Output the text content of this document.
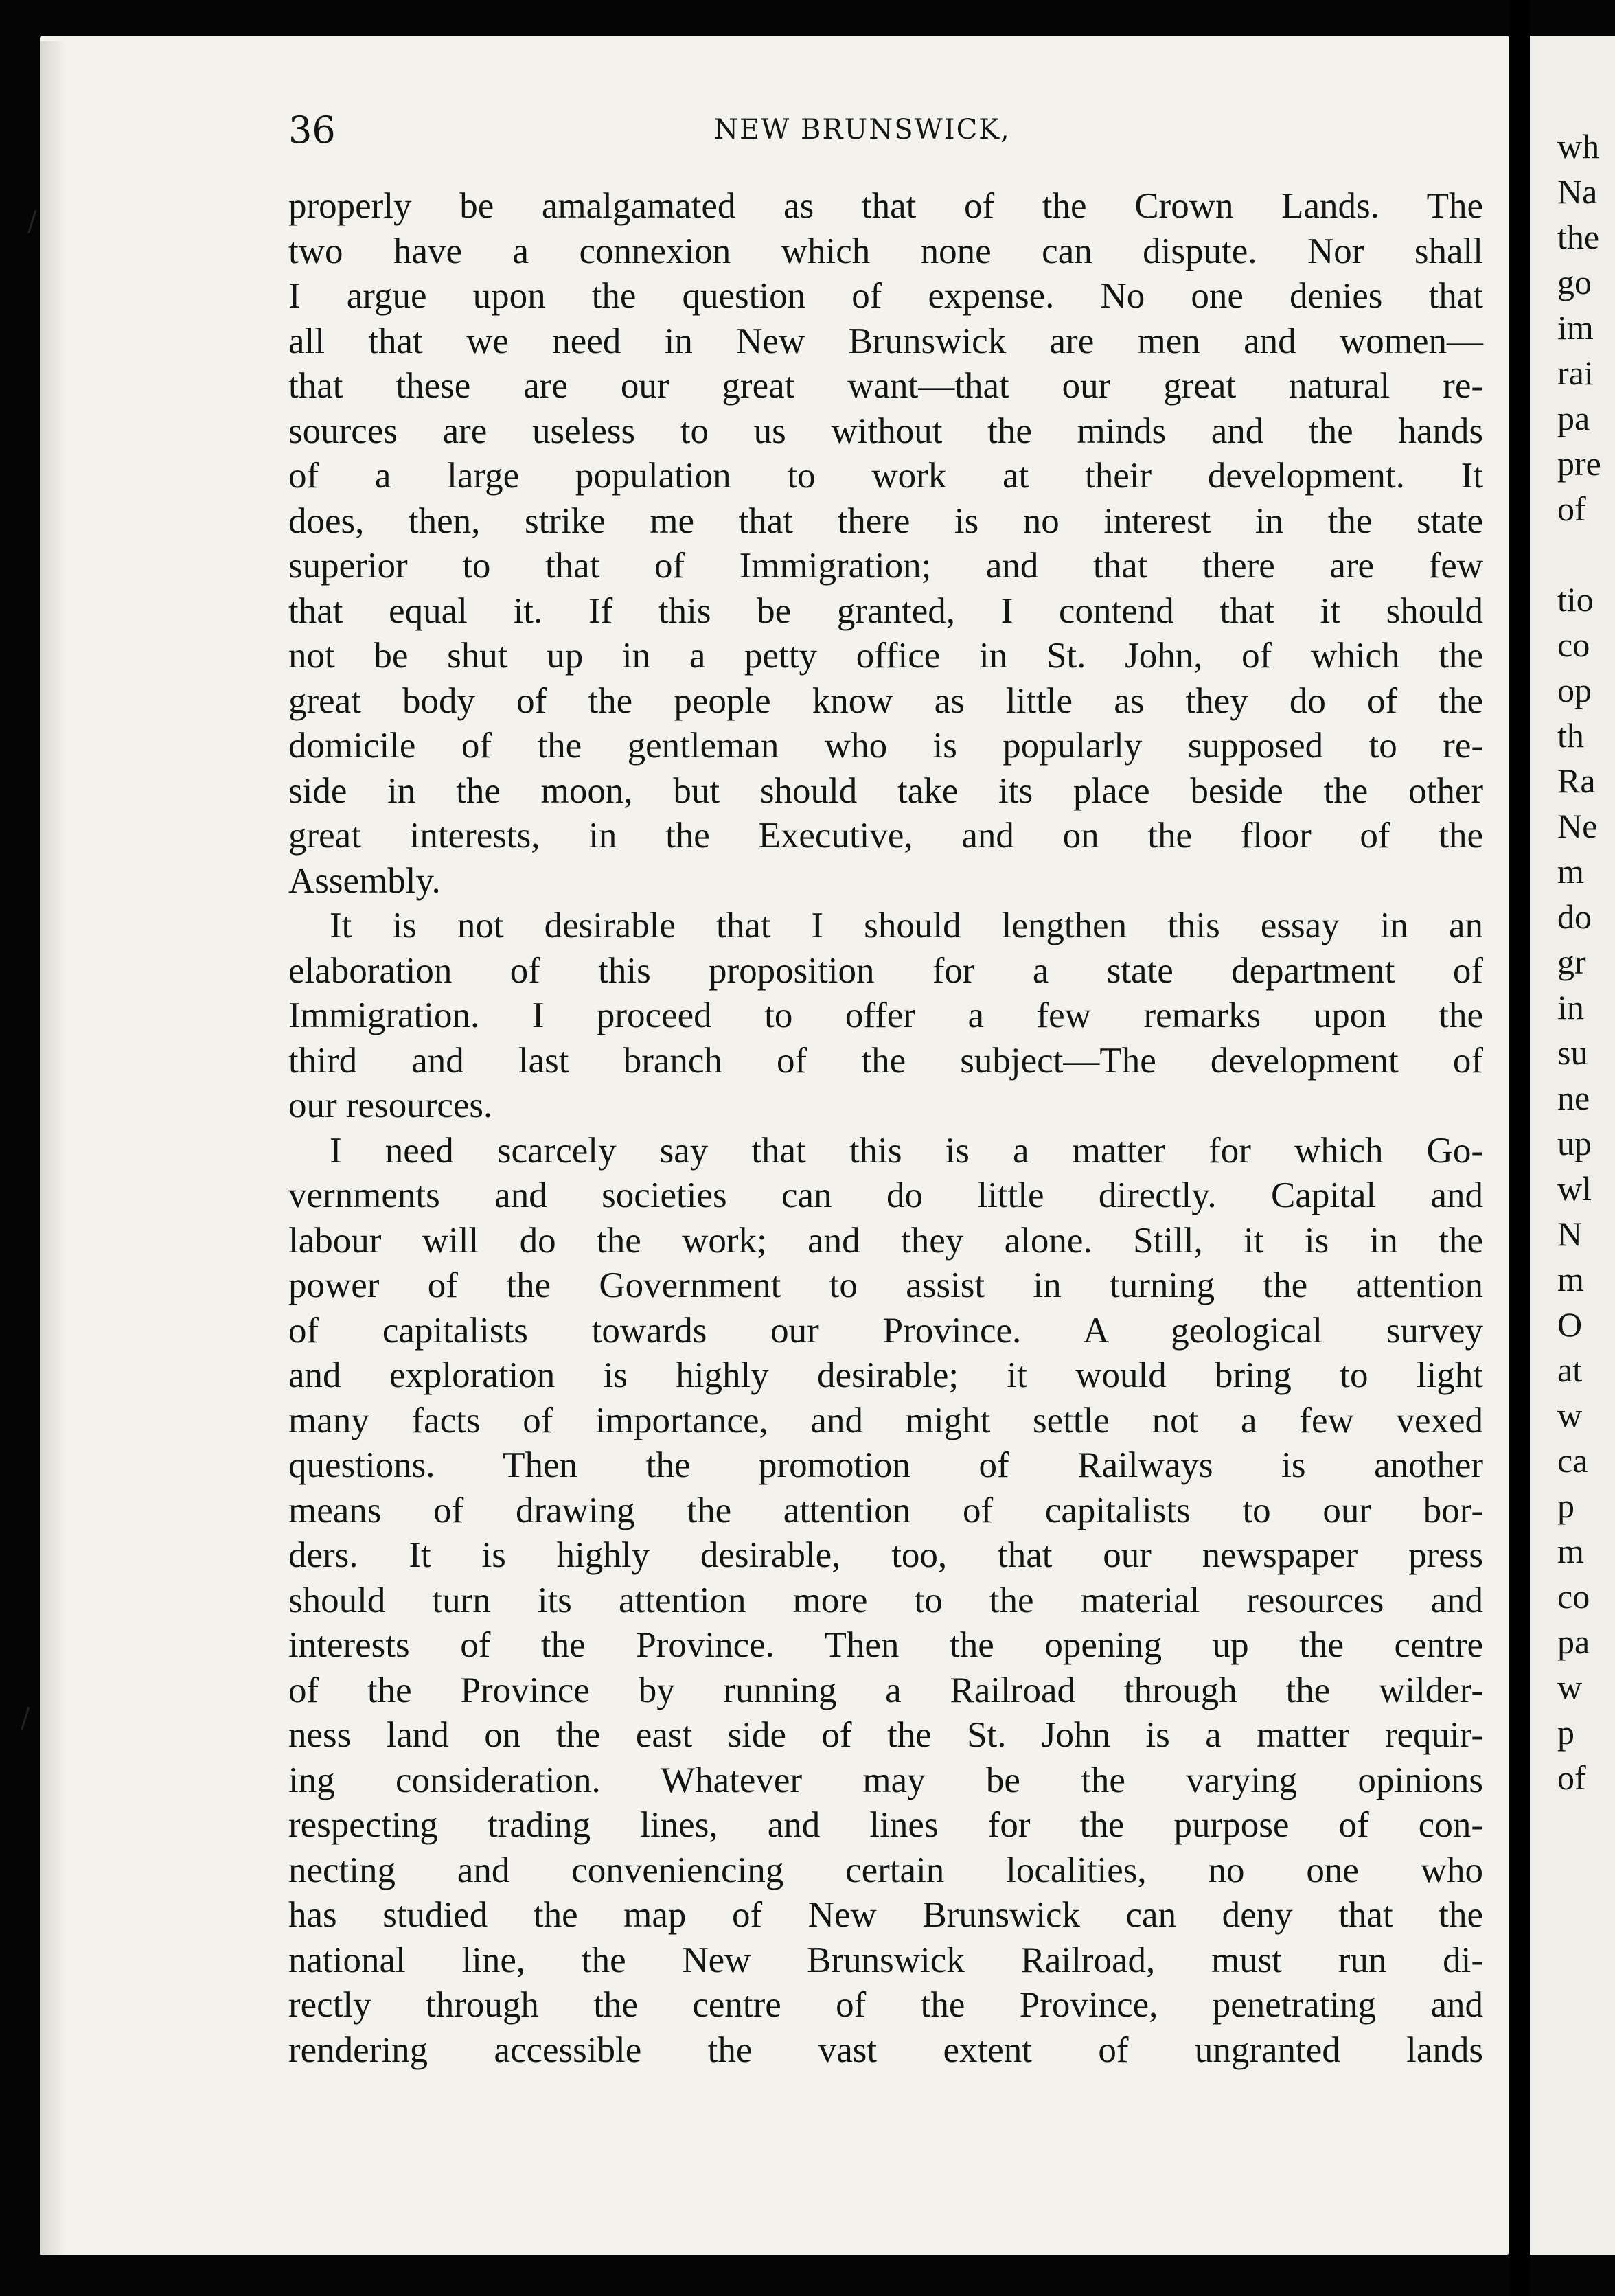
36	NEW BRUNSWICK,
properly be amalgamated as that of the Crown Lands. The
two have a connexion which none can dispute. Nor shall
I argue upon the question of expense. No one denies that
all that we need in New Brunswick are men and women—
that these are our great want—that our great natural re-
sources are useless to us without the minds and the hands
of a large population to work at their development. It
does, then, strike me that there is no interest in the state
superior to that of Immigration; and that there are few
that equal it. If this be granted, I contend that it should
not be shut up in a petty office in St. John, of which the
great body of the people know as little as they do of the
domicile of the gentleman who is popularly supposed to re-
side in the moon, but should take its place beside the other
great interests, in the Executive, and on the floor of the
Assembly.
It is not desirable that I should lengthen this essay in an
elaboration of this proposition for a state department of
Immigration. I proceed to offer a few remarks upon the
third and last branch of the subject—The development of
our resources.
I need scarcely say that this is a matter for which Go-
vernments and societies can do little directly. Capital and
labour will do the work; and they alone. Still, it is in the
power of the Government to assist in turning the attention
of capitalists towards our Province. A geological survey
and exploration is highly desirable; it would bring to light
many facts of importance, and might settle not a few vexed
questions. Then the promotion of Railways is another
means of drawing the attention of capitalists to our bor-
ders. It is highly desirable, too, that our newspaper press
should turn its attention more to the material resources and
interests of the Province. Then the opening up the centre
of the Province by running a Railroad through the wilder-
ness land on the east side of the St. John is a matter requir-
ing consideration. Whatever may be the varying opinions
respecting trading lines, and lines for the purpose of con-
necting and conveniencing certain localities, no one who
has studied the map of New Brunswick can deny that the
national line, the New Brunswick Railroad, must run di-
rectly through the centre of the Province, penetrating and
rendering accessible the vast extent of ungranted lands
wh
Na
the
go
im
rai
pa
pre
of
tio
co
op
th
Ra
Ne
m
do
gr
in
su
ne
up
wl
N
m
O
at
w
ca
p
m
co
pa
w
p
of
/
/
